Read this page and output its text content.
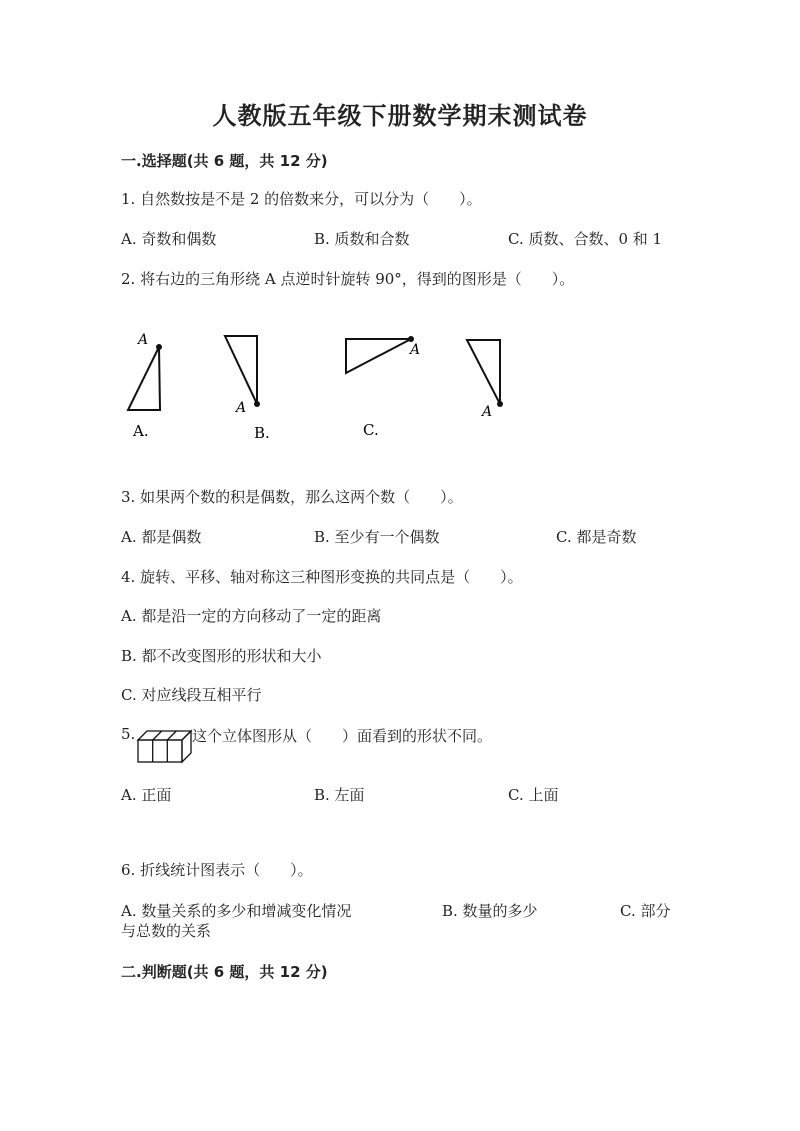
人教版五年级下册数学期末测试卷
一.选择题(共 6 题，共 12 分)
1. 自然数按是不是 2 的倍数来分，可以分为（　　）。
A. 奇数和偶数	B. 质数和合数	C. 质数、合数、0 和 1
2. 将右边的三角形绕 A 点逆时针旋转 90°，得到的图形是（　　）。
A
A
A
A
A.	B.	C.
3. 如果两个数的积是偶数，那么这两个数（　　）。
A. 都是偶数	B. 至少有一个偶数	C. 都是奇数
4. 旋转、平移、轴对称这三种图形变换的共同点是（　　）。
A. 都是沿一定的方向移动了一定的距离
B. 都不改变图形的形状和大小
C. 对应线段互相平行
5.	这个立体图形从（　　）面看到的形状不同。
A. 正面	B. 左面	C. 上面
6. 折线统计图表示（　　）。
A. 数量关系的多少和增减变化情况	B. 数量的多少	C. 部分
与总数的关系
二.判断题(共 6 题，共 12 分)
